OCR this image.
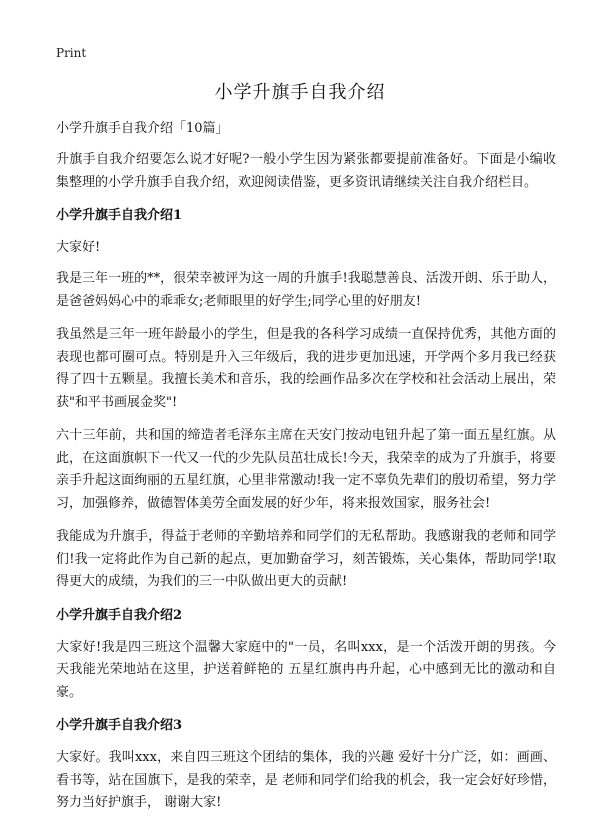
Print
小学升旗手自我介绍
小学升旗手自我介绍「10篇」
升旗手自我介绍要怎么说才好呢?一般小学生因为紧张都要提前准备好。下面是小编收集整理的小学升旗手自我介绍，欢迎阅读借鉴，更多资讯请继续关注自我介绍栏目。
小学升旗手自我介绍1
大家好!
我是三年一班的**，很荣幸被评为这一周的升旗手!我聪慧善良、活泼开朗、乐于助人，是爸爸妈妈心中的乖乖女;老师眼里的好学生;同学心里的好朋友!
我虽然是三年一班年龄最小的学生，但是我的各科学习成绩一直保持优秀，其他方面的表现也都可圈可点。特别是升入三年级后，我的进步更加迅速，开学两个多月我已经获得了四十五颗星。我擅长美术和音乐，我的绘画作品多次在学校和社会活动上展出，荣获"和平书画展金奖"!
六十三年前，共和国的缔造者毛泽东主席在天安门按动电钮升起了第一面五星红旗。从此，在这面旗帜下一代又一代的少先队员茁壮成长!今天，我荣幸的成为了升旗手，将要亲手升起这面绚丽的五星红旗，心里非常激动!我一定不辜负先辈们的殷切希望，努力学习，加强修养，做德智体美劳全面发展的好少年，将来报效国家，服务社会!
我能成为升旗手，得益于老师的辛勤培养和同学们的无私帮助。我感谢我的老师和同学们!我一定将此作为自己新的起点，更加勤奋学习，刻苦锻炼，关心集体，帮助同学!取得更大的成绩，为我们的三一中队做出更大的贡献!
小学升旗手自我介绍2
大家好!我是四三班这个温馨大家庭中的"一员，名叫xxx，是一个活泼开朗的男孩。今天我能光荣地站在这里，护送着鲜艳的 五星红旗冉冉升起，心中感到无比的激动和自豪。
小学升旗手自我介绍3
大家好。我叫xxx，来自四三班这个团结的集体，我的兴趣 爱好十分广泛，如：画画、看书等，站在国旗下，是我的荣幸，是 老师和同学们给我的机会，我一定会好好珍惜，努力当好护旗手， 谢谢大家!
